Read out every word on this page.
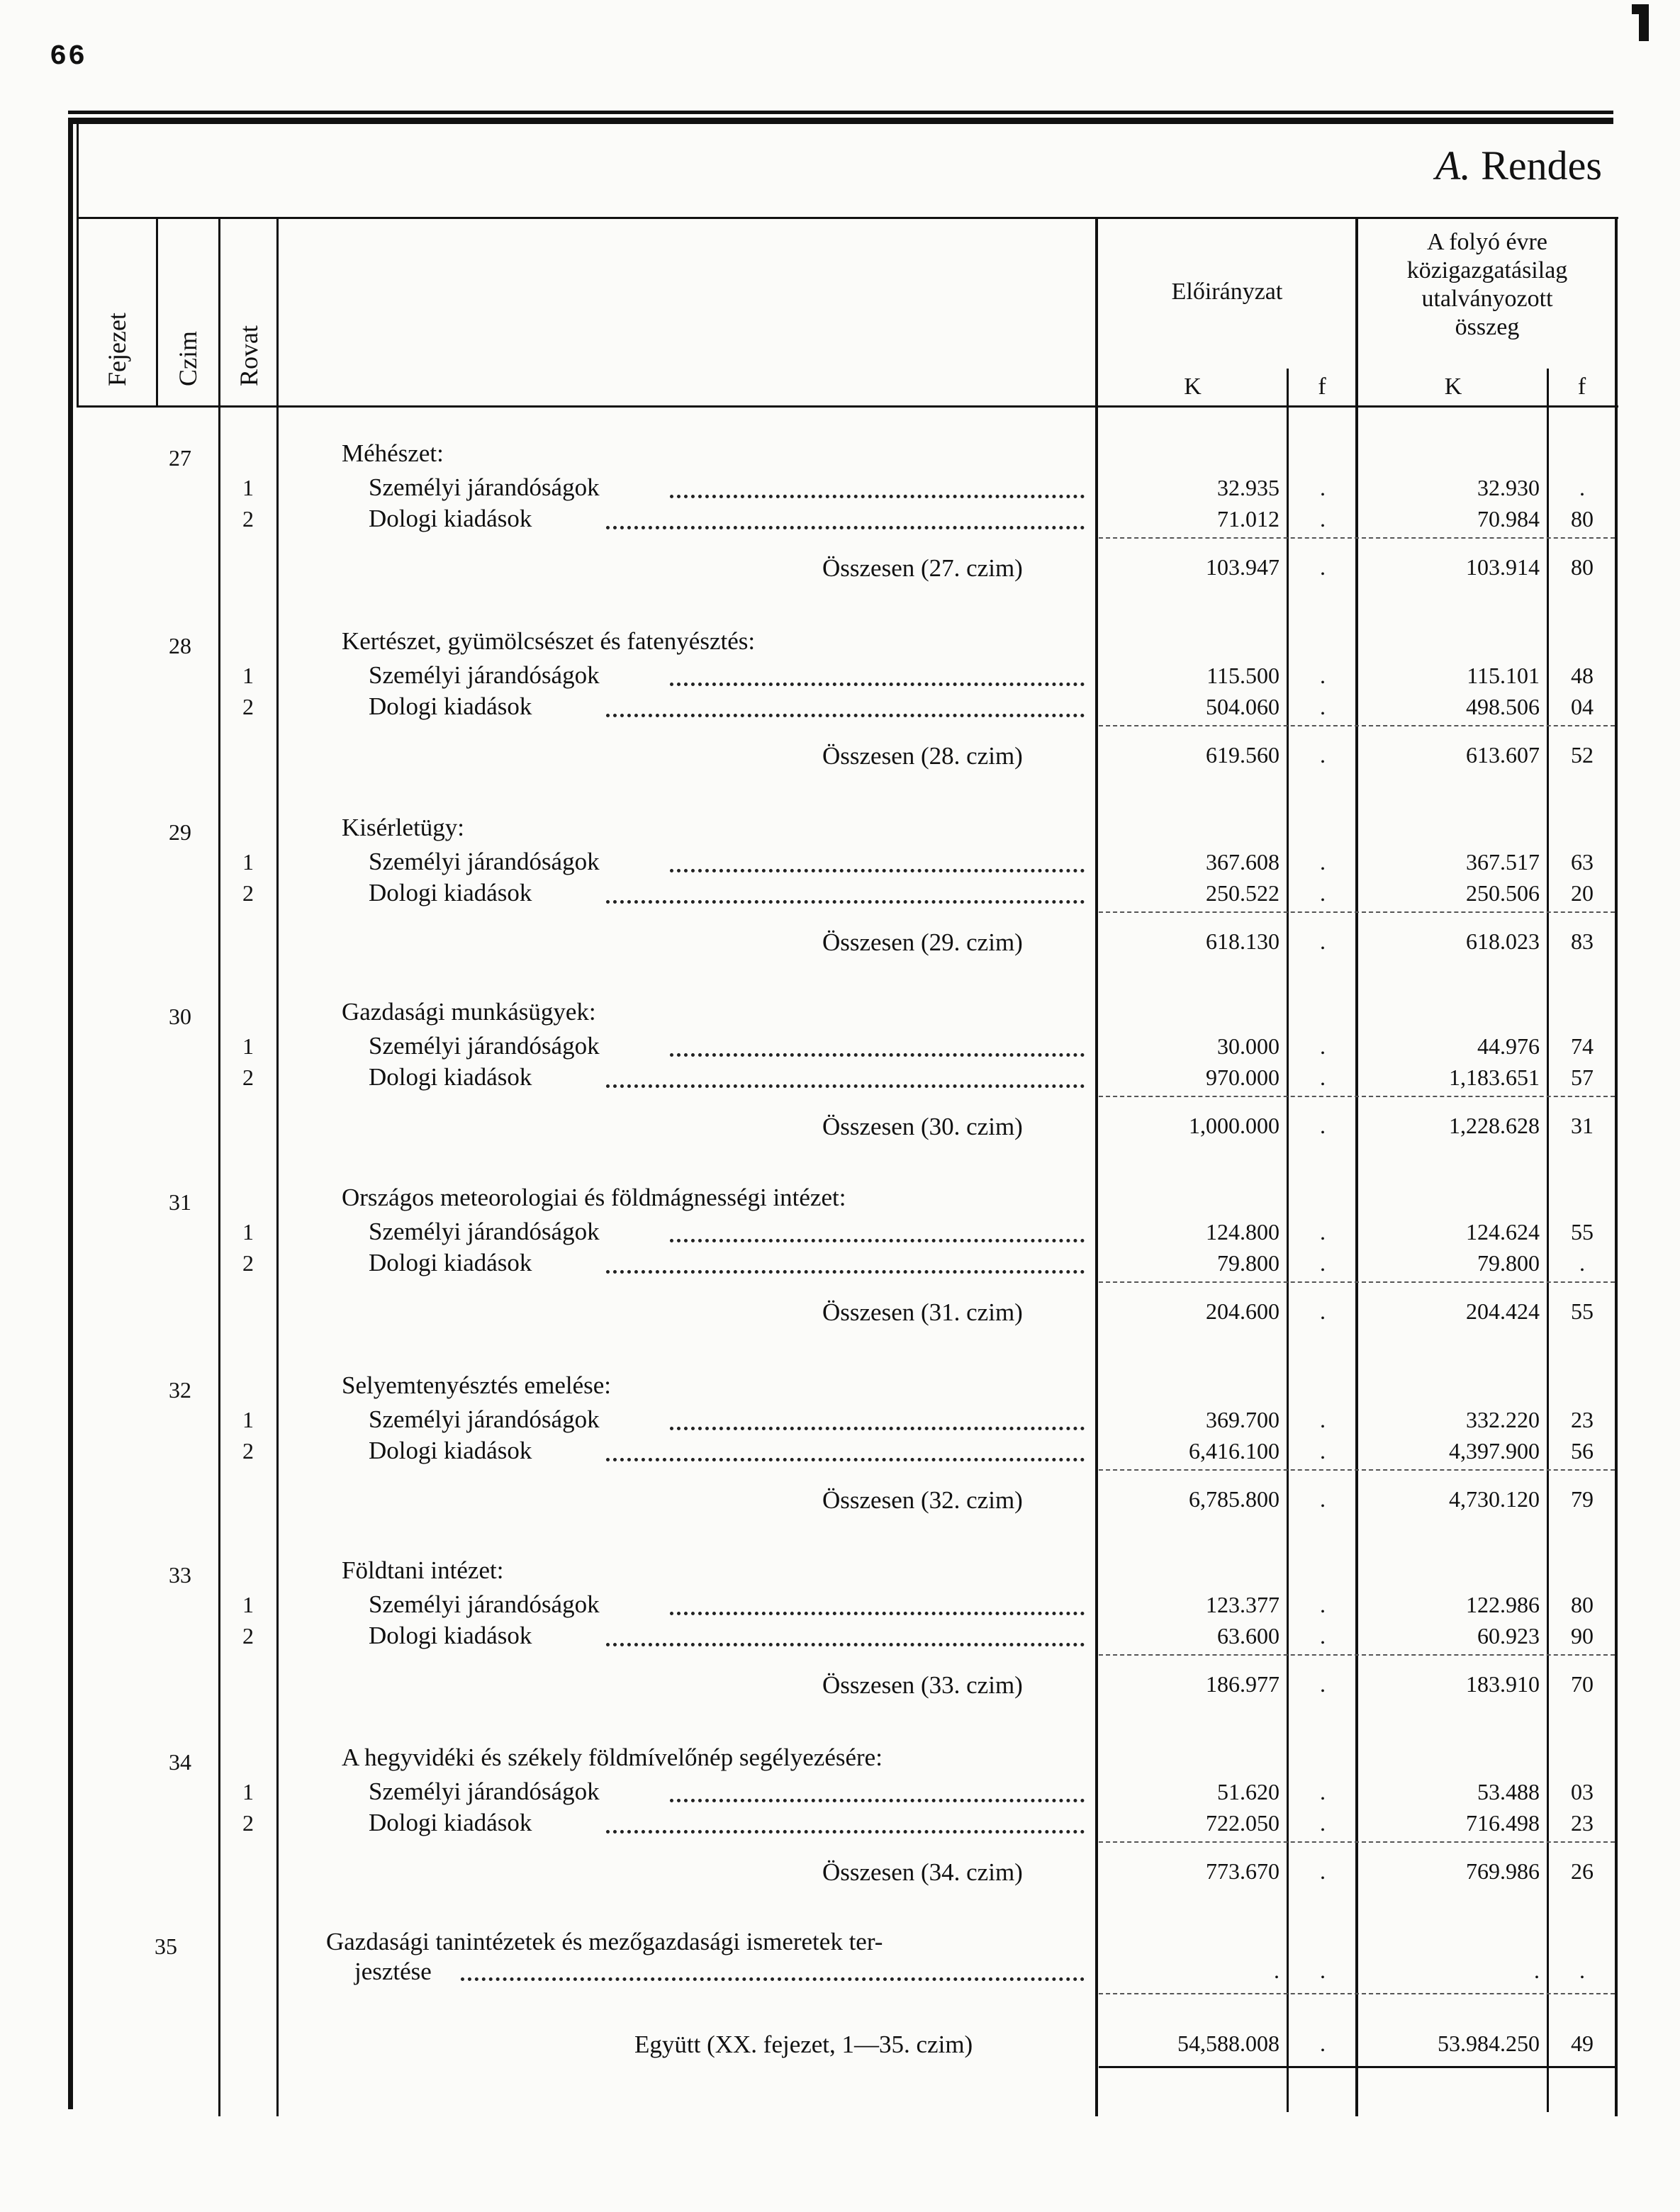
66
A. Rendes
Fejezet Czim Rovat
Előirányzat
A folyó évre
közigazgatásilag
utalványozott
összeg
K	f	K	f
27	Méhészet:
1	Személyi járandóságok	32.935	.	32.930	.
2	Dologi kiadások	71.012	.	70.984	80
Összesen (27. czim)	103.947	.	103.914	80
28	Kertészet, gyümölcsészet és fatenyésztés:
1	Személyi járandóságok	115.500	.	115.101	48
2	Dologi kiadások	504.060	.	498.506	04
Összesen (28. czim)	619.560	.	613.607	52
29	Kisérletügy:
1	Személyi járandóságok	367.608	.	367.517	63
2	Dologi kiadások	250.522	.	250.506	20
Összesen (29. czim)	618.130	.	618.023	83
30	Gazdasági munkásügyek:
1	Személyi járandóságok	30.000	.	44.976	74
2	Dologi kiadások	970.000	.	1,183.651	57
Összesen (30. czim)	1,000.000	.	1,228.628	31
31	Országos meteorologiai és földmágnességi intézet:
1	Személyi járandóságok	124.800	.	124.624	55
2	Dologi kiadások	79.800	.	79.800	.
Összesen (31. czim)	204.600	.	204.424	55
32	Selyemtenyésztés emelése:
1	Személyi járandóságok	369.700	.	332.220	23
2	Dologi kiadások	6,416.100	.	4,397.900	56
Összesen (32. czim)	6,785.800	.	4,730.120	79
33	Földtani intézet:
1	Személyi járandóságok	123.377	.	122.986	80
2	Dologi kiadások	63.600	.	60.923	90
Összesen (33. czim)	186.977	.	183.910	70
34	A hegyvidéki és székely földmívelőnép segélyezésére:
1	Személyi járandóságok	51.620	.	53.488	03
2	Dologi kiadások	722.050	.	716.498	23
Összesen (34. czim)	773.670	.	769.986	26
35	Gazdasági tanintézetek és mezőgazdasági ismeretek ter-
jesztése	.	.	.	.
Együtt (XX. fejezet, 1—35. czim)	54,588.008	.	53.984.250	49
